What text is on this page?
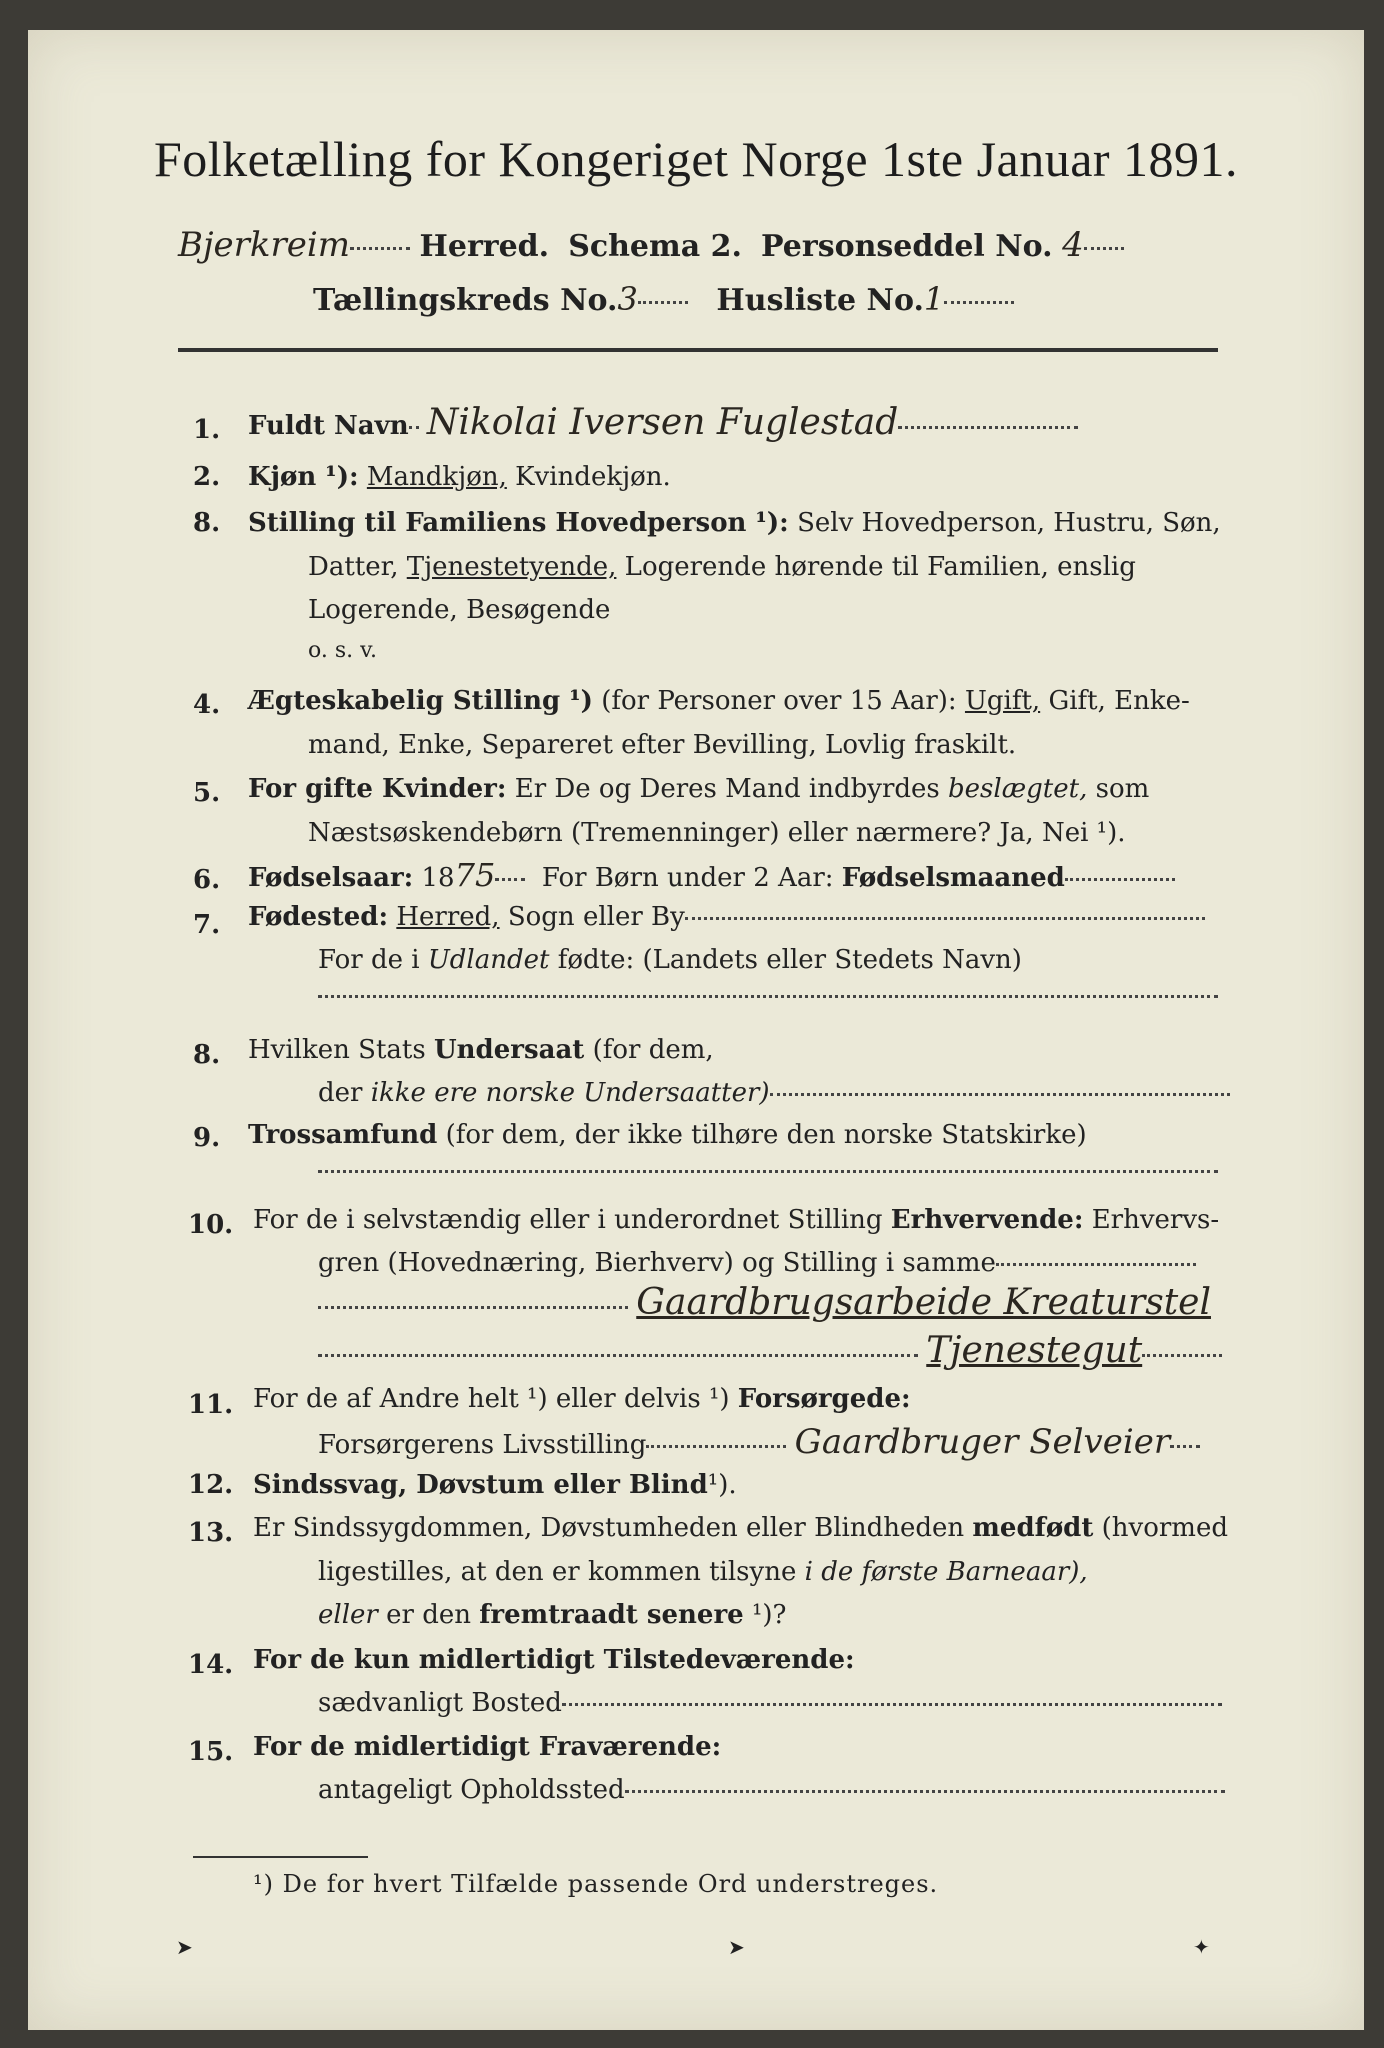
Folketælling for Kongeriget Norge 1ste Januar 1891.
Bjerkreim Herred. Schema 2. Personseddel No. 4
Tællingskreds No.3	Husliste No.1
1. Fuldt Navn Nikolai Iversen Fuglestad
2. Kjøn ¹): Mandkjøn, Kvindekjøn.
8. Stilling til Familiens Hovedperson ¹): Selv Hovedperson, Hustru, Søn,
Datter, Tjenestetyende, Logerende hørende til Familien, enslig
Logerende, Besøgende
o. s. v.
4. Ægteskabelig Stilling ¹) (for Personer over 15 Aar): Ugift, Gift, Enke-
mand, Enke, Separeret efter Bevilling, Lovlig fraskilt.
5. For gifte Kvinder: Er De og Deres Mand indbyrdes beslægtet, som
Næstsøskendebørn (Tremenninger) eller nærmere? Ja, Nei ¹).
6. Fødselsaar: 1875 For Børn under 2 Aar: Fødselsmaaned
7. Fødested: Herred, Sogn eller By
For de i Udlandet fødte: (Landets eller Stedets Navn)
8. Hvilken Stats Undersaat (for dem,
der ikke ere norske Undersaatter)
9. Trossamfund (for dem, der ikke tilhøre den norske Statskirke)
10. For de i selvstændig eller i underordnet Stilling Erhvervende: Erhvervs-
gren (Hovednæring, Bierhverv) og Stilling i samme
Gaardbrugsarbeide Kreaturstel
Tjenestegut
11. For de af Andre helt ¹) eller delvis ¹) Forsørgede:
Forsørgerens Livsstilling	Gaardbruger Selveier
12. Sindssvag, Døvstum eller Blind¹).
13. Er Sindssygdommen, Døvstumheden eller Blindheden medfødt (hvormed
ligestilles, at den er kommen tilsyne i de første Barneaar),
eller er den fremtraadt senere ¹)?
14. For de kun midlertidigt Tilstedeværende:
sædvanligt Bosted
15. For de midlertidigt Fraværende:
antageligt Opholdssted
¹) De for hvert Tilfælde passende Ord understreges.
➤	➤	✦
